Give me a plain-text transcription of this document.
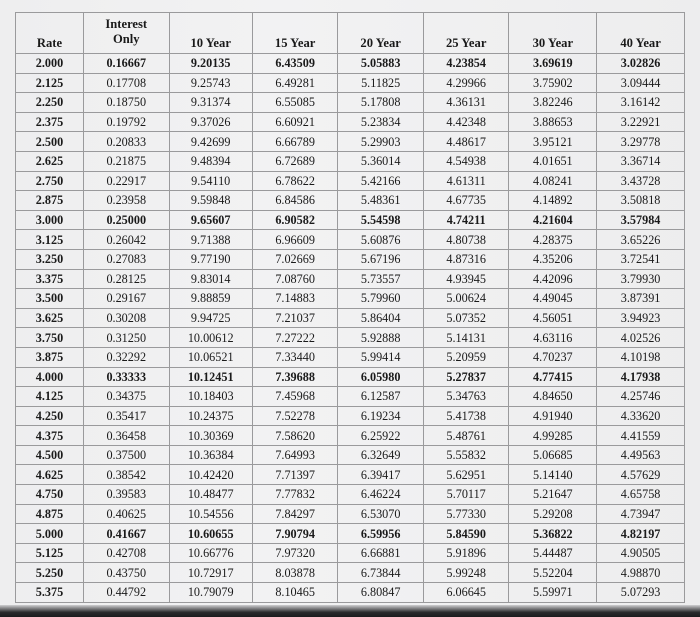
Rate	Interest
Only	10 Year	15 Year	20 Year	25 Year	30 Year	40 Year
2.000	0.16667	9.20135	6.43509	5.05883	4.23854	3.69619	3.02826
2.125	0.17708	9.25743	6.49281	5.11825	4.29966	3.75902	3.09444
2.250	0.18750	9.31374	6.55085	5.17808	4.36131	3.82246	3.16142
2.375	0.19792	9.37026	6.60921	5.23834	4.42348	3.88653	3.22921
2.500	0.20833	9.42699	6.66789	5.29903	4.48617	3.95121	3.29778
2.625	0.21875	9.48394	6.72689	5.36014	4.54938	4.01651	3.36714
2.750	0.22917	9.54110	6.78622	5.42166	4.61311	4.08241	3.43728
2.875	0.23958	9.59848	6.84586	5.48361	4.67735	4.14892	3.50818
3.000	0.25000	9.65607	6.90582	5.54598	4.74211	4.21604	3.57984
3.125	0.26042	9.71388	6.96609	5.60876	4.80738	4.28375	3.65226
3.250	0.27083	9.77190	7.02669	5.67196	4.87316	4.35206	3.72541
3.375	0.28125	9.83014	7.08760	5.73557	4.93945	4.42096	3.79930
3.500	0.29167	9.88859	7.14883	5.79960	5.00624	4.49045	3.87391
3.625	0.30208	9.94725	7.21037	5.86404	5.07352	4.56051	3.94923
3.750	0.31250	10.00612	7.27222	5.92888	5.14131	4.63116	4.02526
3.875	0.32292	10.06521	7.33440	5.99414	5.20959	4.70237	4.10198
4.000	0.33333	10.12451	7.39688	6.05980	5.27837	4.77415	4.17938
4.125	0.34375	10.18403	7.45968	6.12587	5.34763	4.84650	4.25746
4.250	0.35417	10.24375	7.52278	6.19234	5.41738	4.91940	4.33620
4.375	0.36458	10.30369	7.58620	6.25922	5.48761	4.99285	4.41559
4.500	0.37500	10.36384	7.64993	6.32649	5.55832	5.06685	4.49563
4.625	0.38542	10.42420	7.71397	6.39417	5.62951	5.14140	4.57629
4.750	0.39583	10.48477	7.77832	6.46224	5.70117	5.21647	4.65758
4.875	0.40625	10.54556	7.84297	6.53070	5.77330	5.29208	4.73947
5.000	0.41667	10.60655	7.90794	6.59956	5.84590	5.36822	4.82197
5.125	0.42708	10.66776	7.97320	6.66881	5.91896	5.44487	4.90505
5.250	0.43750	10.72917	8.03878	6.73844	5.99248	5.52204	4.98870
5.375	0.44792	10.79079	8.10465	6.80847	6.06645	5.59971	5.07293
